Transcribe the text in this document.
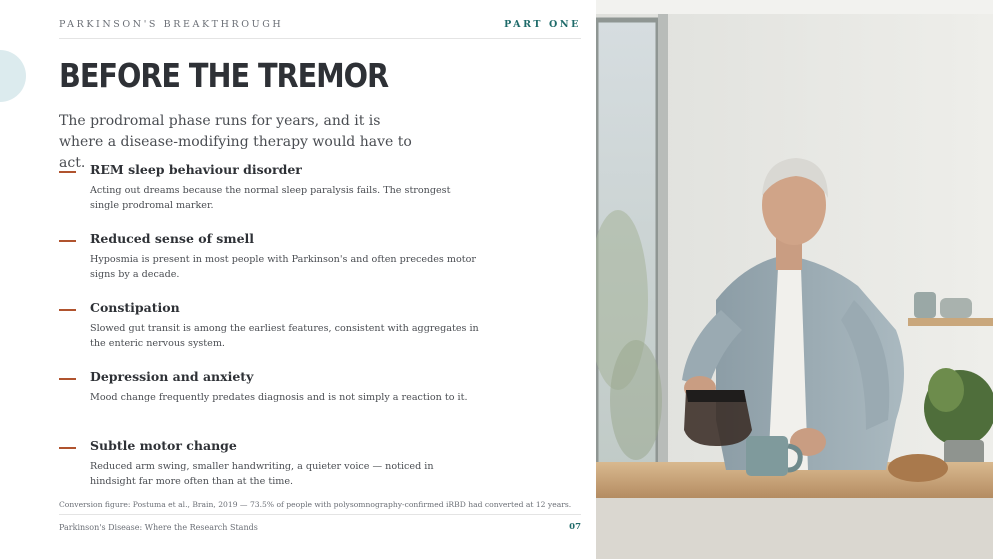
PARKINSON'S BREAKTHROUGH	PART ONE
BEFORE THE TREMOR
The prodromal phase runs for years, and it is where a disease-modifying therapy would have to act. REM sleep behaviour disorder
Acting out dreams because the normal sleep paralysis fails. The strongest single prodromal marker.
Reduced sense of smell
Hyposmia is present in most people with Parkinson's and often precedes motor signs by a decade.
Constipation
Slowed gut transit is among the earliest features, consistent with aggregates in the enteric nervous system.
Depression and anxiety
Mood change frequently predates diagnosis and is not simply a reaction to it.
Subtle motor change
Reduced arm swing, smaller handwriting, a quieter voice — noticed in hindsight far more often than at the time.
Conversion figure: Postuma et al., Brain, 2019 — 73.5% of people with polysomnography-confirmed iRBD had converted at 12 years.
Parkinson's Disease: Where the Research Stands	07
